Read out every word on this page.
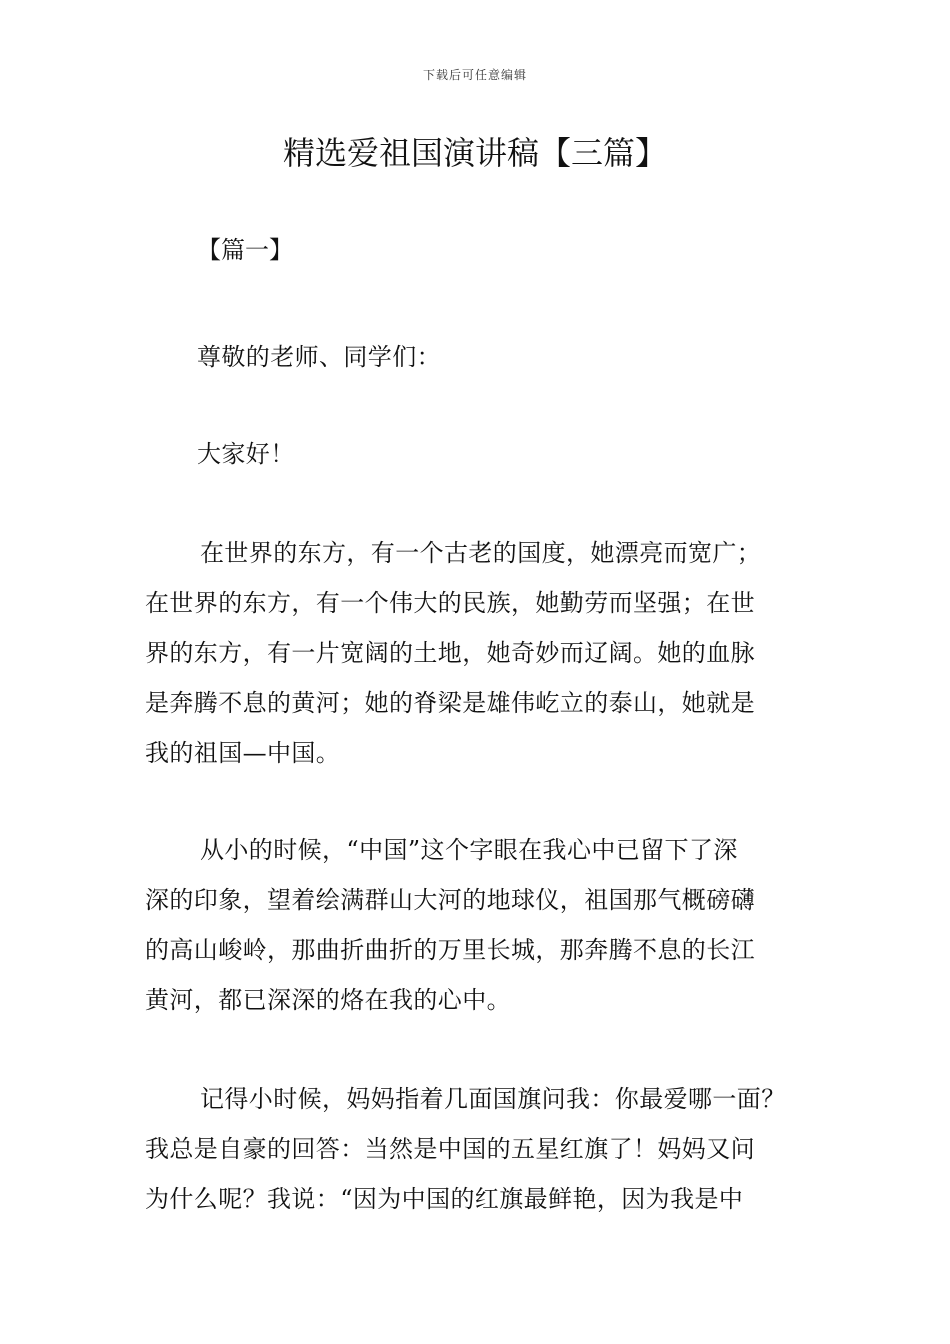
下载后可任意编辑
精选爱祖国演讲稿【三篇】

【篇一】

尊敬的老师、同学们：

大家好！

在世界的东方，有一个古老的国度，她漂亮而宽广；

在世界的东方，有一个伟大的民族，她勤劳而坚强；在世

界的东方，有一片宽阔的土地，她奇妙而辽阔。她的血脉

是奔腾不息的黄河；她的脊梁是雄伟屹立的泰山，她就是

我的祖国—中国。

从小的时候，“中国”这个字眼在我心中已留下了深

深的印象，望着绘满群山大河的地球仪，祖国那气概磅礴

的高山峻岭，那曲折曲折的万里长城，那奔腾不息的长江

黄河，都已深深的烙在我的心中。

记得小时候，妈妈指着几面国旗问我：你最爱哪一面？

我总是自豪的回答：当然是中国的五星红旗了！妈妈又问

为什么呢？我说：“因为中国的红旗最鲜艳，因为我是中
